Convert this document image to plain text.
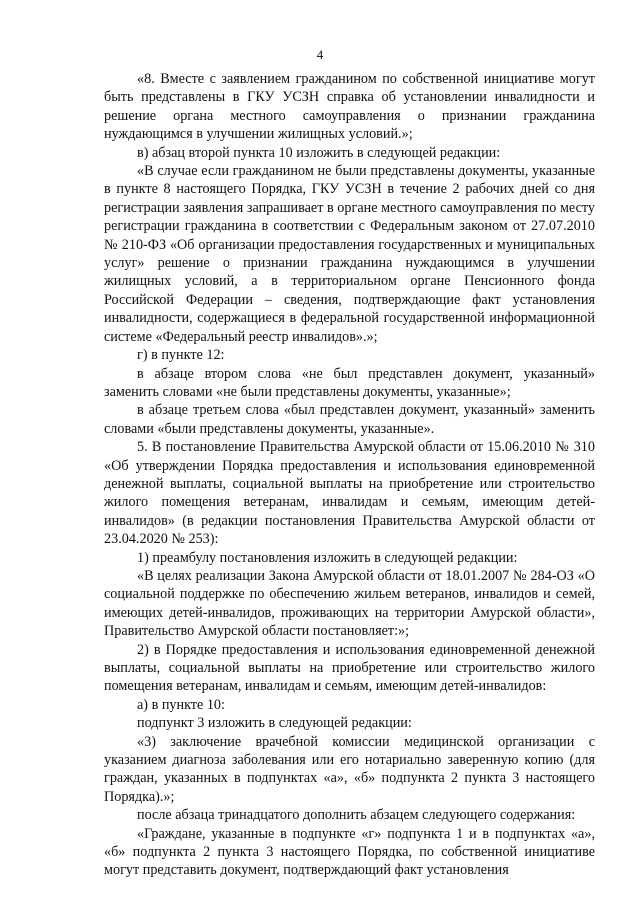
4

«8. Вместе с заявлением гражданином по собственной инициативе могут быть представлены в ГКУ УСЗН справка об установлении инвалидности и решение органа местного самоуправления о признании гражданина нуждающимся в улучшении жилищных условий.»;

в) абзац второй пункта 10 изложить в следующей редакции:

«В случае если гражданином не были представлены документы, указанные в пункте 8 настоящего Порядка, ГКУ УСЗН в течение 2 рабочих дней со дня регистрации заявления запрашивает в органе местного самоуправления по месту регистрации гражданина в соответствии с Федеральным законом от 27.07.2010 № 210-ФЗ «Об организации предоставления государственных и муниципальных услуг» решение о признании гражданина нуждающимся в улучшении жилищных условий, а в территориальном органе Пенсионного фонда Российской Федерации – сведения, подтверждающие факт установления инвалидности, содержащиеся в федеральной государственной информационной системе «Федеральный реестр инвалидов».»;

г) в пункте 12:

в абзаце втором слова «не был представлен документ, указанный» заменить словами «не были представлены документы, указанные»;

в абзаце третьем слова «был представлен документ, указанный» заменить словами «были представлены документы, указанные».

5. В постановление Правительства Амурской области от 15.06.2010 № 310 «Об утверждении Порядка предоставления и использования единовременной денежной выплаты, социальной выплаты на приобретение или строительство жилого помещения ветеранам, инвалидам и семьям, имеющим детей-инвалидов» (в редакции постановления Правительства Амурской области от 23.04.2020 № 253):

1) преамбулу постановления изложить в следующей редакции:

«В целях реализации Закона Амурской области от 18.01.2007 № 284-ОЗ «О социальной поддержке по обеспечению жильем ветеранов, инвалидов и семей, имеющих детей-инвалидов, проживающих на территории Амурской области», Правительство Амурской области постановляет:»;

2) в Порядке предоставления и использования единовременной денежной выплаты, социальной выплаты на приобретение или строительство жилого помещения ветеранам, инвалидам и семьям, имеющим детей-инвалидов:

а) в пункте 10:

подпункт 3 изложить в следующей редакции:

«3) заключение врачебной комиссии медицинской организации с указанием диагноза заболевания или его нотариально заверенную копию (для граждан, указанных в подпунктах «а», «б» подпункта 2 пункта 3 настоящего Порядка).»;

после абзаца тринадцатого дополнить абзацем следующего содержания:

«Граждане, указанные в подпункте «г» подпункта 1 и в подпунктах «а», «б» подпункта 2 пункта 3 настоящего Порядка, по собственной инициативе могут представить документ, подтверждающий факт установления
